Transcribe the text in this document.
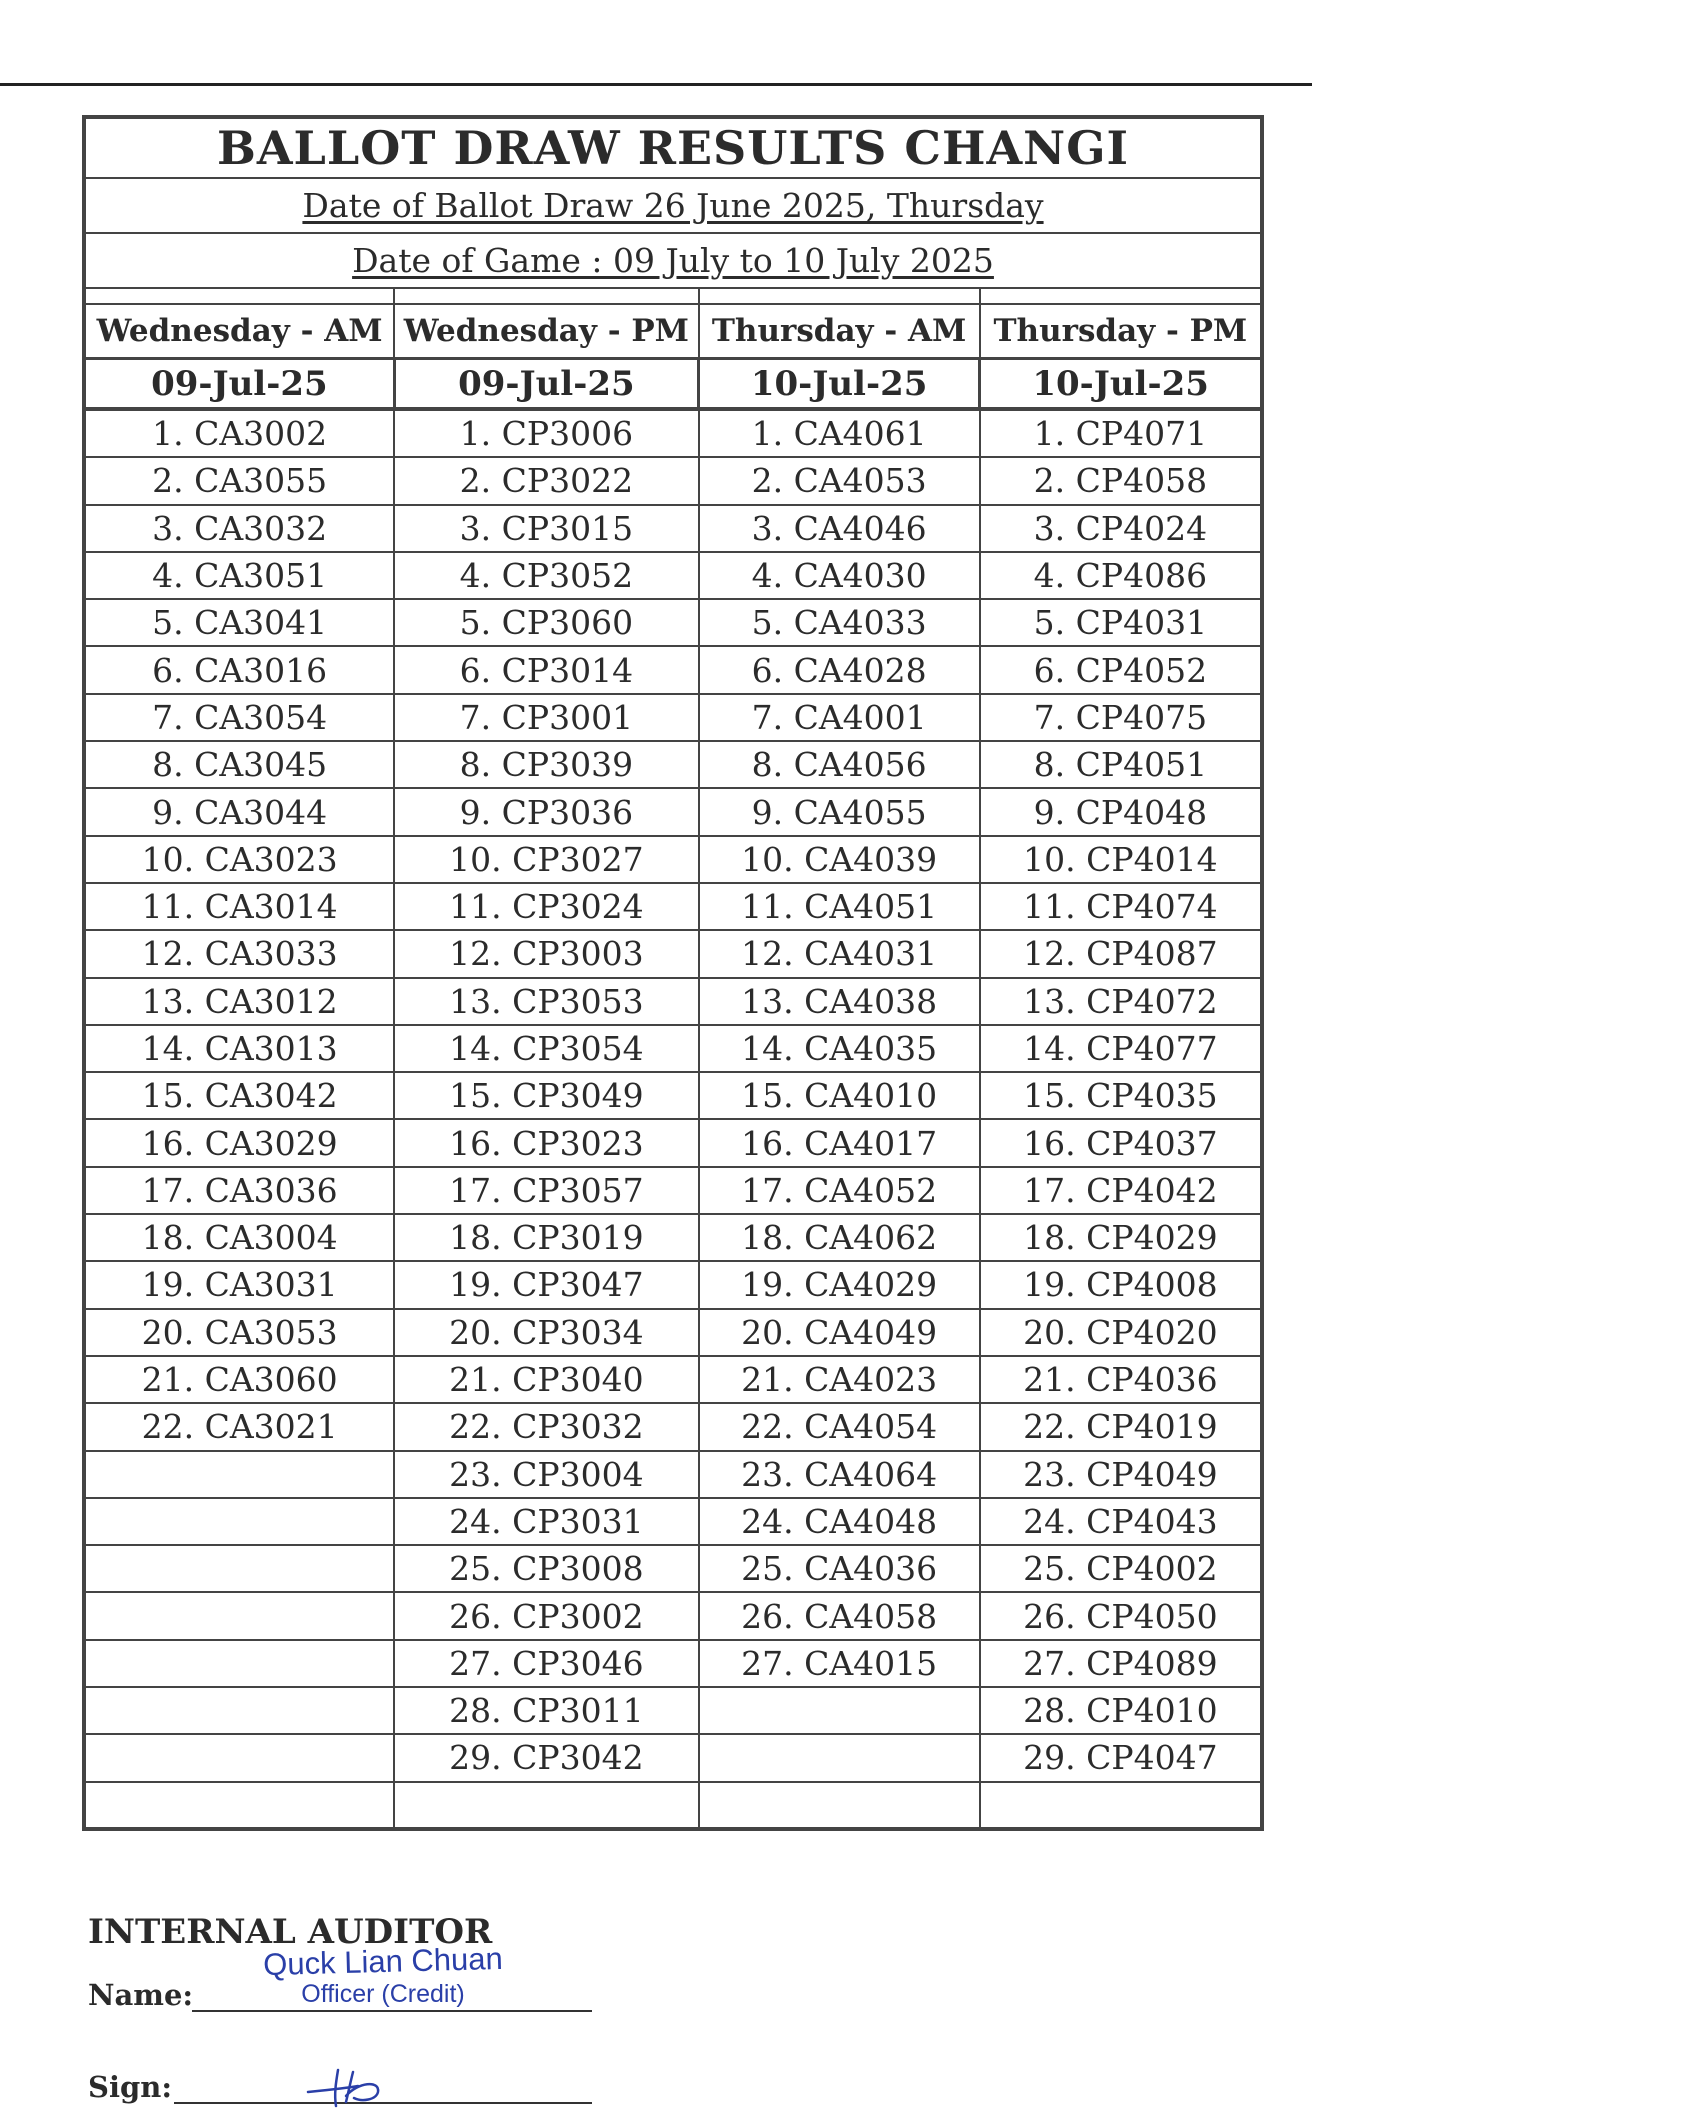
BALLOT DRAW RESULTS CHANGI			
Date of Ballot Draw 26 June 2025, Thursday			
Date of Game : 09 July to 10 July 2025			

Wednesday - AM	Wednesday - PM	Thursday - AM	Thursday - PM
09-Jul-25	09-Jul-25	10-Jul-25	10-Jul-25
1. CA3002	1. CP3006	1. CA4061	1. CP4071
2. CA3055	2. CP3022	2. CA4053	2. CP4058
3. CA3032	3. CP3015	3. CA4046	3. CP4024
4. CA3051	4. CP3052	4. CA4030	4. CP4086
5. CA3041	5. CP3060	5. CA4033	5. CP4031
6. CA3016	6. CP3014	6. CA4028	6. CP4052
7. CA3054	7. CP3001	7. CA4001	7. CP4075
8. CA3045	8. CP3039	8. CA4056	8. CP4051
9. CA3044	9. CP3036	9. CA4055	9. CP4048
10. CA3023	10. CP3027	10. CA4039	10. CP4014
11. CA3014	11. CP3024	11. CA4051	11. CP4074
12. CA3033	12. CP3003	12. CA4031	12. CP4087
13. CA3012	13. CP3053	13. CA4038	13. CP4072
14. CA3013	14. CP3054	14. CA4035	14. CP4077
15. CA3042	15. CP3049	15. CA4010	15. CP4035
16. CA3029	16. CP3023	16. CA4017	16. CP4037
17. CA3036	17. CP3057	17. CA4052	17. CP4042
18. CA3004	18. CP3019	18. CA4062	18. CP4029
19. CA3031	19. CP3047	19. CA4029	19. CP4008
20. CA3053	20. CP3034	20. CA4049	20. CP4020
21. CA3060	21. CP3040	21. CA4023	21. CP4036
22. CA3021	22. CP3032	22. CA4054	22. CP4019
	23. CP3004	23. CA4064	23. CP4049
	24. CP3031	24. CA4048	24. CP4043
	25. CP3008	25. CA4036	25. CP4002
	26. CP3002	26. CA4058	26. CP4050
	27. CP3046	27. CA4015	27. CP4089
	28. CP3011		28. CP4010
	29. CP3042		29. CP4047

INTERNAL AUDITOR
Quck Lian Chuan
Officer (Credit)
Name:
Sign:
